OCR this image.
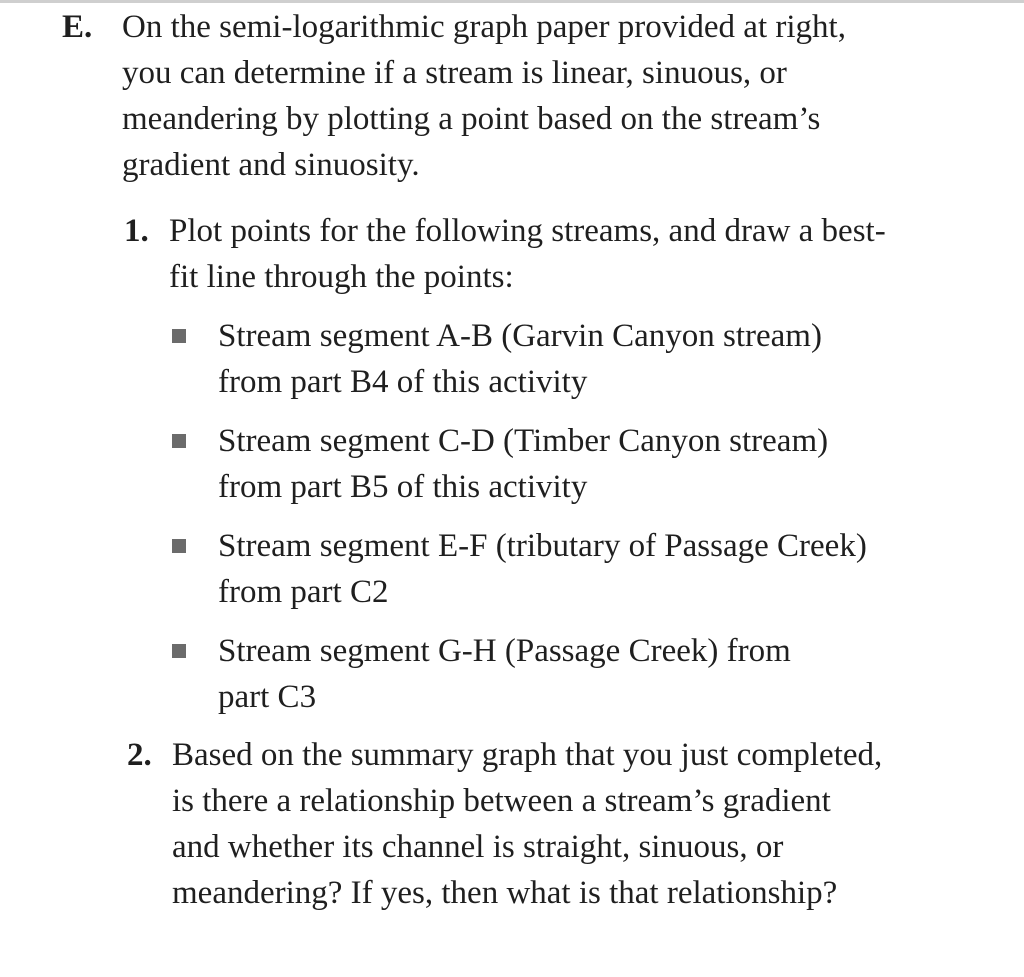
E. On the semi-logarithmic graph paper provided at right,
you can determine if a stream is linear, sinuous, or
meandering by plotting a point based on the stream’s
gradient and sinuosity.
1. Plot points for the following streams, and draw a best-
fit line through the points:
Stream segment A-B (Garvin Canyon stream)
from part B4 of this activity
Stream segment C-D (Timber Canyon stream)
from part B5 of this activity
Stream segment E-F (tributary of Passage Creek)
from part C2
Stream segment G-H (Passage Creek) from
part C3
2. Based on the summary graph that you just completed,
is there a relationship between a stream’s gradient
and whether its channel is straight, sinuous, or
meandering? If yes, then what is that relationship?
